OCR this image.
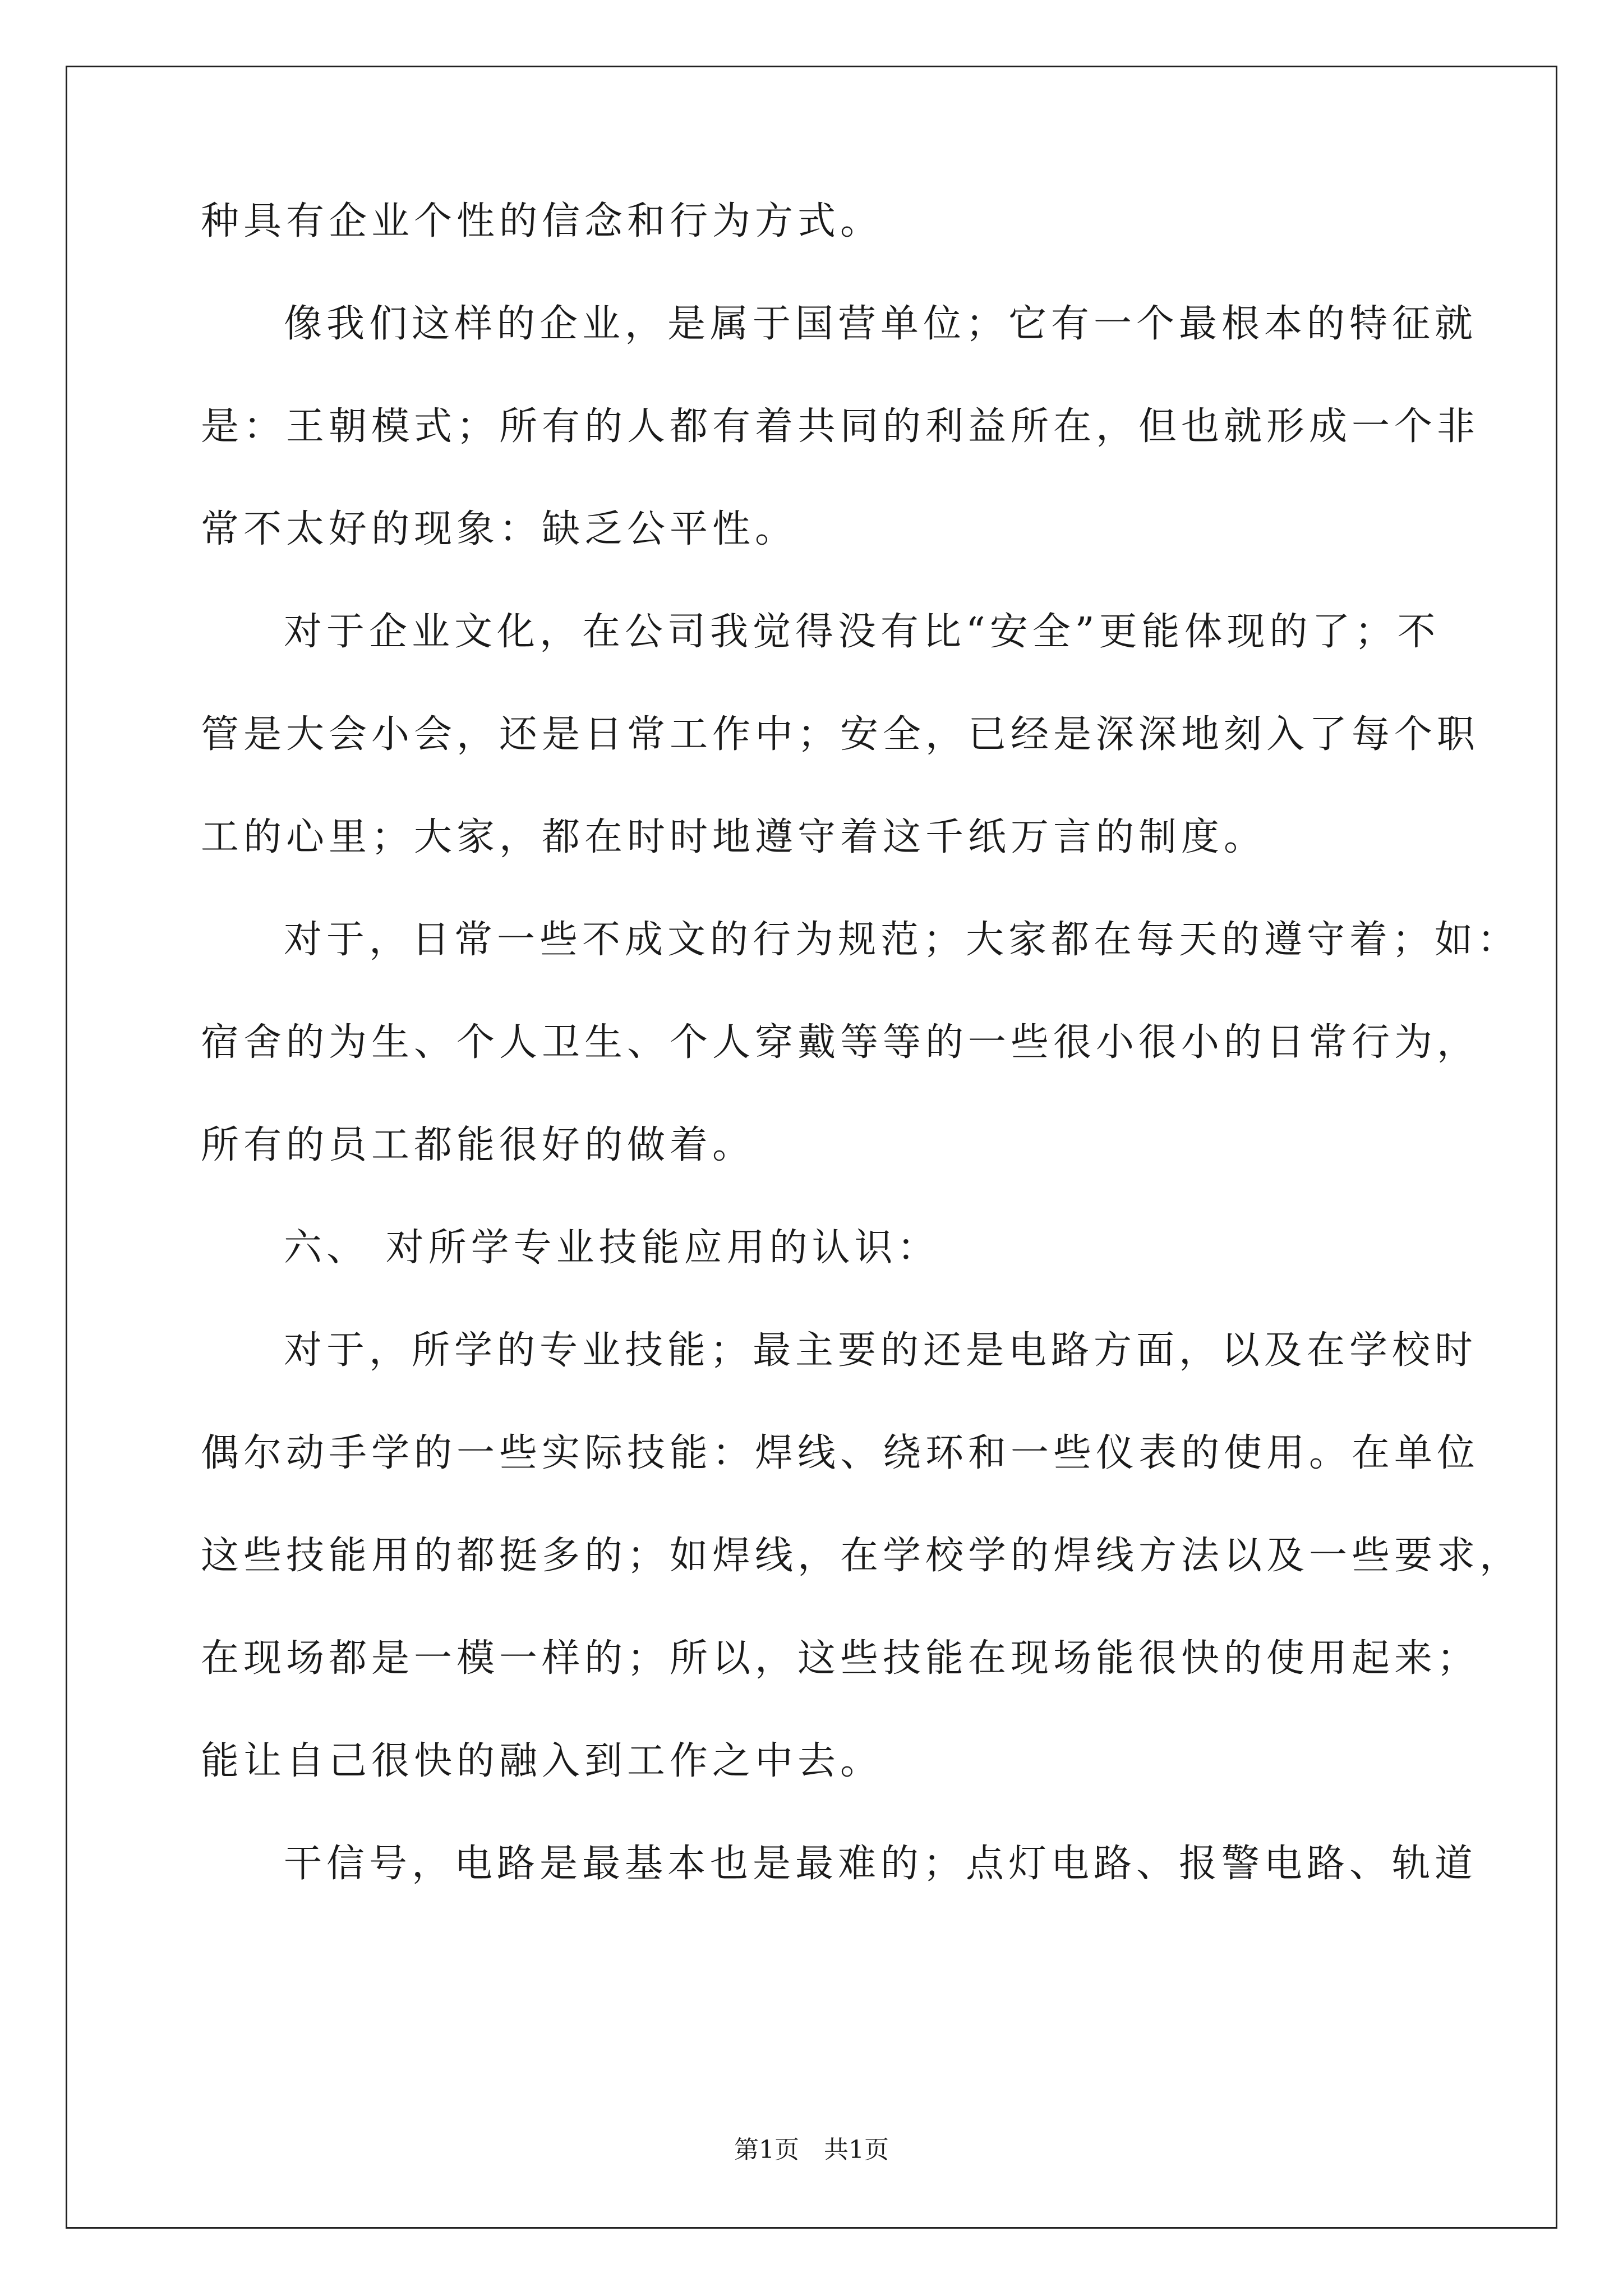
种具有企业个性的信念和行为方式。
像我们这样的企业，是属于国营单位；它有一个最根本的特征就
是：王朝模式；所有的人都有着共同的利益所在，但也就形成一个非
常不太好的现象：缺乏公平性。
对于企业文化，在公司我觉得没有比“安全”更能体现的了；不
管是大会小会，还是日常工作中；安全，已经是深深地刻入了每个职
工的心里；大家，都在时时地遵守着这千纸万言的制度。
对于，日常一些不成文的行为规范；大家都在每天的遵守着；如：
宿舍的为生、个人卫生、个人穿戴等等的一些很小很小的日常行为，
所有的员工都能很好的做着。
六、 对所学专业技能应用的认识：
对于，所学的专业技能；最主要的还是电路方面，以及在学校时
偶尔动手学的一些实际技能：焊线、绕环和一些仪表的使用。在单位
这些技能用的都挺多的；如焊线，在学校学的焊线方法以及一些要求，
在现场都是一模一样的；所以，这些技能在现场能很快的使用起来；
能让自己很快的融入到工作之中去。
干信号，电路是最基本也是最难的；点灯电路、报警电路、轨道
第1页　共1页
